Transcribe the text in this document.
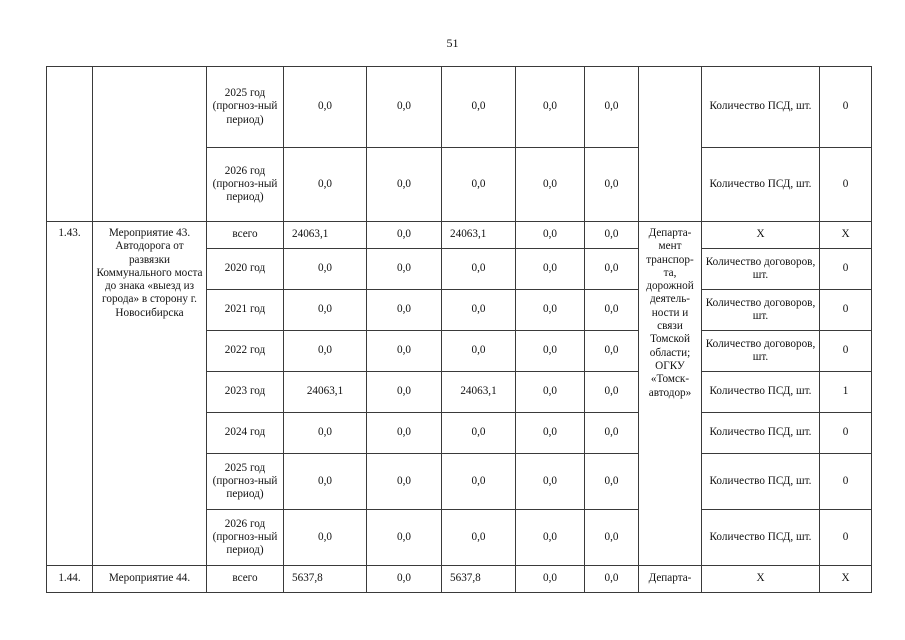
51
		2025 год (прогноз-ный период)	0,0	0,0	0,0	0,0	0,0		Количество ПСД, шт.	0
		2026 год (прогноз-ный период)	0,0	0,0	0,0	0,0	0,0		Количество ПСД, шт.	0
1.43.	Мероприятие 43. Автодорога от развязки Коммунального моста до знака «выезд из города» в сторону г. Новосибирска	всего	24063,1	0,0	24063,1	0,0	0,0	Департа-мент транспор-та, дорожной деятель-ности и связи Томской области; ОГКУ «Томск-автодор»	Х	Х
		2020 год	0,0	0,0	0,0	0,0	0,0		Количество договоров, шт.	0
		2021 год	0,0	0,0	0,0	0,0	0,0		Количество договоров, шт.	0
		2022 год	0,0	0,0	0,0	0,0	0,0		Количество договоров, шт.	0
		2023 год	24063,1	0,0	24063,1	0,0	0,0		Количество ПСД, шт.	1
		2024 год	0,0	0,0	0,0	0,0	0,0		Количество ПСД, шт.	0
		2025 год (прогноз-ный период)	0,0	0,0	0,0	0,0	0,0		Количество ПСД, шт.	0
		2026 год (прогноз-ный период)	0,0	0,0	0,0	0,0	0,0		Количество ПСД, шт.	0
1.44.	Мероприятие 44.	всего	5637,8	0,0	5637,8	0,0	0,0	Департа-	Х	Х
